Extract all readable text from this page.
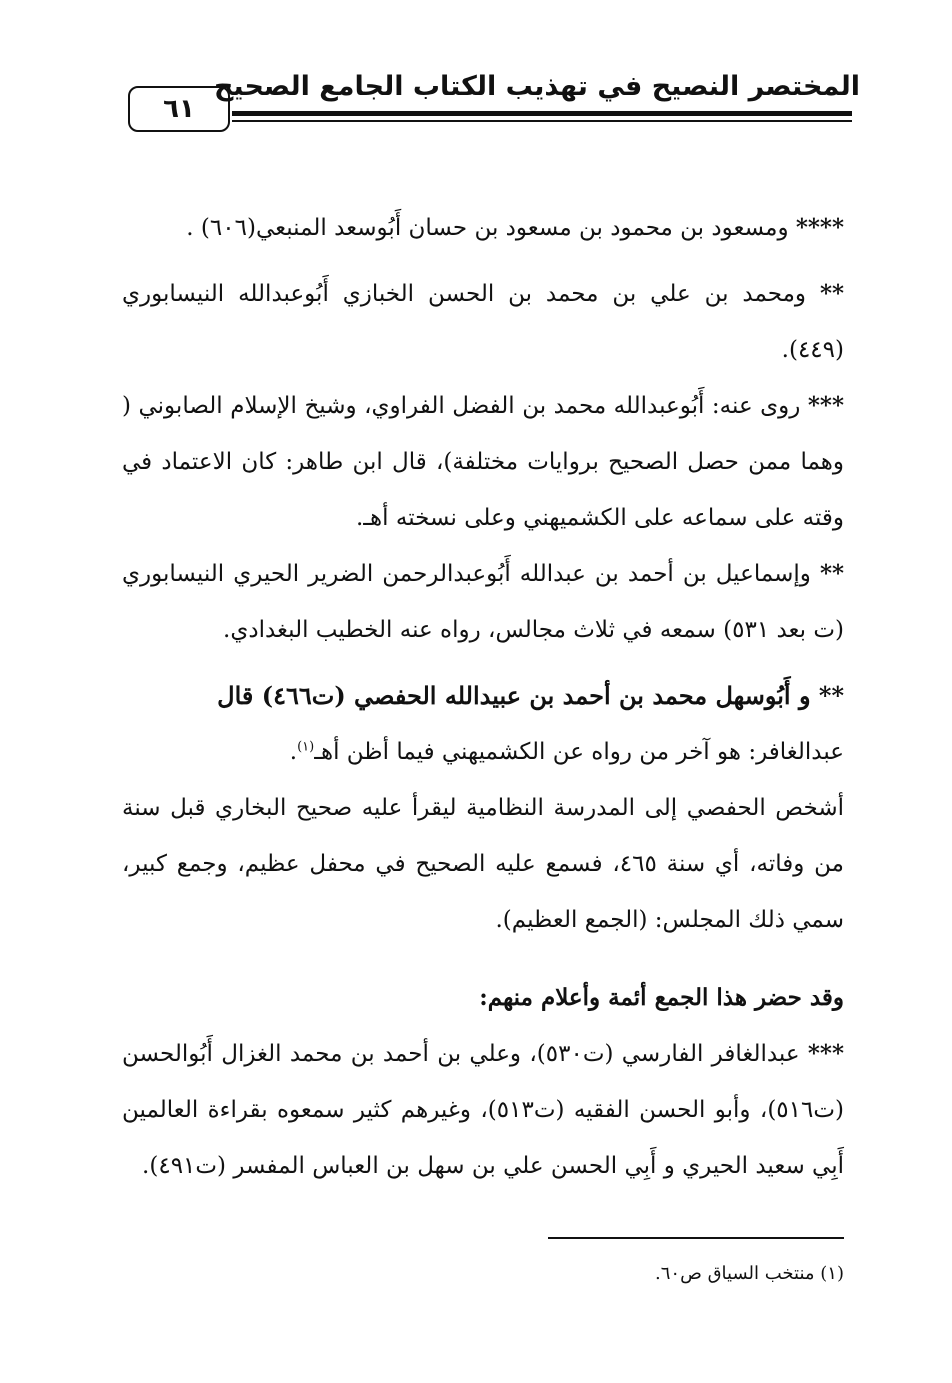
المختصر النصيح في تهذيب الكتاب الجامع الصحيح
٦١

**** ومسعود بن محمود بن مسعود بن حسان أَبُوسعد المنبعي(٦٠٦) .

** ومحمد بن علي بن محمد بن الحسن الخبازي أَبُوعبدالله النيسابوري (٤٤٩).

*** روى عنه: أَبُوعبدالله محمد بن الفضل الفراوي، وشيخ الإسلام الصابوني ( وهما ممن حصل الصحيح بروايات مختلفة)، قال ابن طاهر: كان الاعتماد في وقته على سماعه على الكشميهني وعلى نسخته أهـ.

** وإسماعيل بن أحمد بن عبدالله أَبُوعبدالرحمن الضرير الحيري النيسابوري (ت بعد ٥٣١) سمعه في ثلاث مجالس، رواه عنه الخطيب البغدادي.

** و أَبُوسهل محمد بن أحمد بن عبيدالله الحفصي (ت٤٦٦) قال

عبدالغافر: هو آخر من رواه عن الكشميهني فيما أظن أهـ$^{(١)}$.

أشخص الحفصي إلى المدرسة النظامية ليقرأ عليه صحيح البخاري قبل سنة من وفاته، أي سنة ٤٦٥، فسمع عليه الصحيح في محفل عظيم، وجمع كبير، سمي ذلك المجلس: (الجمع العظيم).

وقد حضر هذا الجمع أئمة وأعلام منهم:

*** عبدالغافر الفارسي (ت٥٣٠)، وعلي بن أحمد بن محمد الغزال أَبُوالحسن (ت٥١٦)، وأبو الحسن الفقيه (ت٥١٣)، وغيرهم كثير سمعوه بقراءة العالمين أَبِي سعيد الحيري و أَبِي الحسن علي بن سهل بن العباس المفسر (ت٤٩١).

(١) منتخب السياق ص٦٠.
